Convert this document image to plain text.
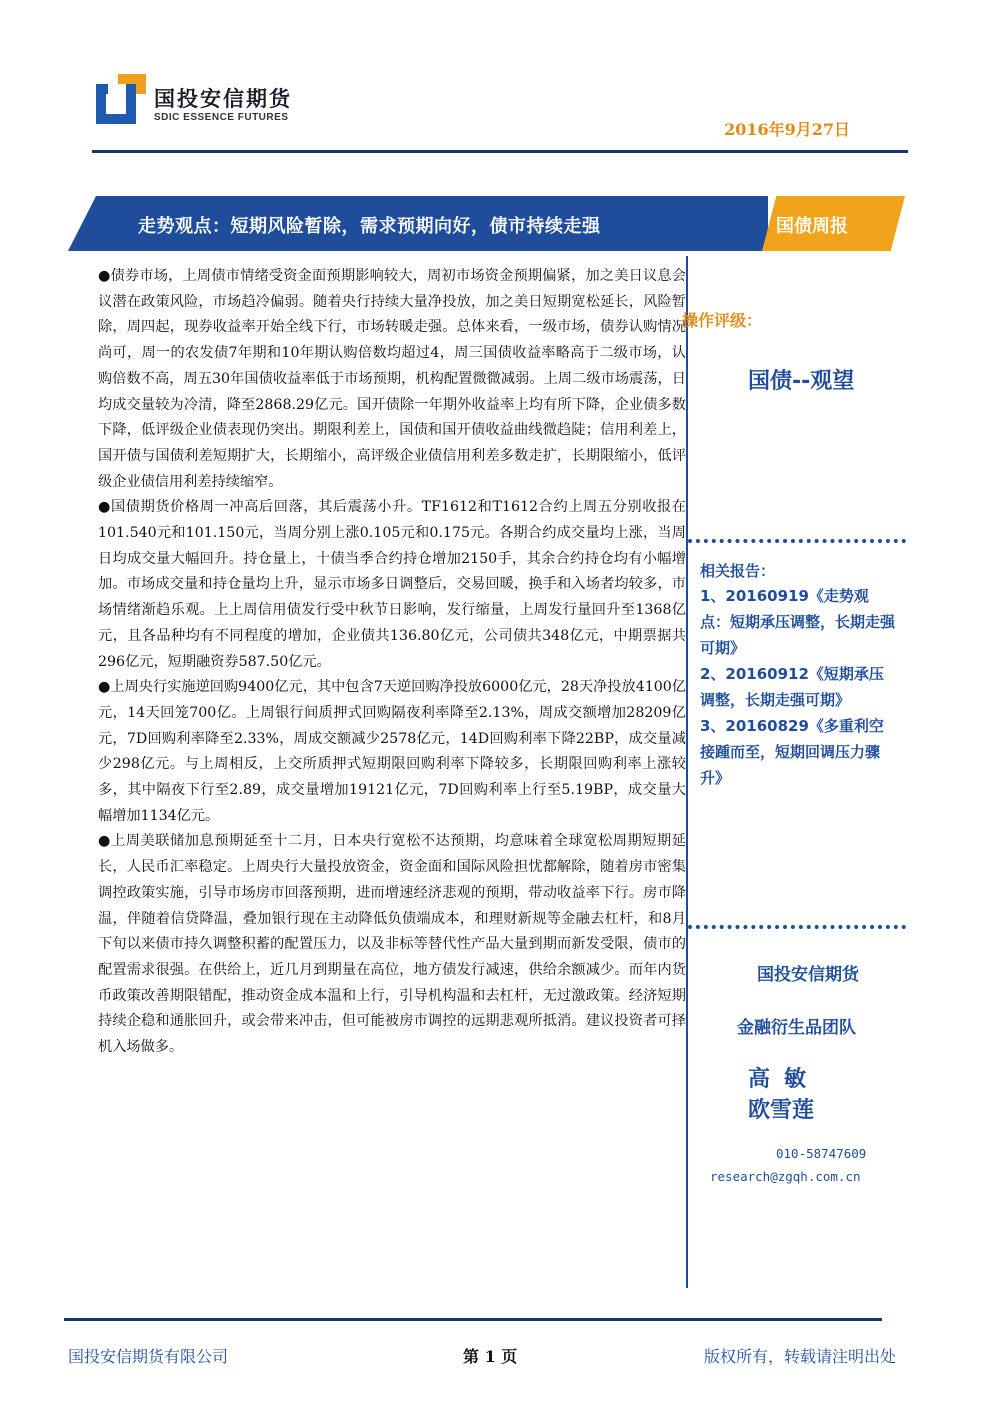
国投安信期货
SDIC ESSENCE FUTURES
2016年9月27日
走势观点：短期风险暂除，需求预期向好，债市持续走强	国债周报

●债券市场，上周债市情绪受资金面预期影响较大，周初市场资金预期偏紧，加之美日议息会议潜在政策风险，市场趋冷偏弱。随着央行持续大量净投放，加之美日短期宽松延长，风险暂除，周四起，现券收益率开始全线下行，市场转暖走强。总体来看，一级市场，债券认购情况尚可，周一的农发债7年期和10年期认购倍数均超过4，周三国债收益率略高于二级市场，认购倍数不高，周五30年国债收益率低于市场预期，机构配置微微减弱。上周二级市场震荡，日均成交量较为冷清，降至2868.29亿元。国开债除一年期外收益率上均有所下降，企业债多数下降，低评级企业债表现仍突出。期限利差上，国债和国开债收益曲线微趋陡；信用利差上，国开债与国债利差短期扩大，长期缩小，高评级企业债信用利差多数走扩，长期限缩小，低评级企业债信用利差持续缩窄。

●国债期货价格周一冲高后回落，其后震荡小升。TF1612和T1612合约上周五分别收报在101.540元和101.150元，当周分别上涨0.105元和0.175元。各期合约成交量均上涨，当周日均成交量大幅回升。持仓量上，十债当季合约持仓增加2150手，其余合约持仓均有小幅增加。市场成交量和持仓量均上升，显示市场多日调整后，交易回暖，换手和入场者均较多，市场情绪渐趋乐观。上上周信用债发行受中秋节日影响，发行缩量，上周发行量回升至1368亿元，且各品种均有不同程度的增加，企业债共136.80亿元，公司债共348亿元，中期票据共296亿元，短期融资券587.50亿元。

●上周央行实施逆回购9400亿元，其中包含7天逆回购净投放6000亿元，28天净投放4100亿元，14天回笼700亿。上周银行间质押式回购隔夜利率降至2.13%，周成交额增加28209亿元，7D回购利率降至2.33%，周成交额减少2578亿元，14D回购利率下降22BP，成交量减少298亿元。与上周相反，上交所质押式短期限回购利率下降较多，长期限回购利率上涨较多，其中隔夜下行至2.89，成交量增加19121亿元，7D回购利率上行至5.19BP，成交量大幅增加1134亿元。

●上周美联储加息预期延至十二月，日本央行宽松不达预期，均意味着全球宽松周期短期延长，人民币汇率稳定。上周央行大量投放资金，资金面和国际风险担忧都解除，随着房市密集调控政策实施，引导市场房市回落预期，进而增速经济悲观的预期，带动收益率下行。房市降温，伴随着信贷降温，叠加银行现在主动降低负债端成本，和理财新规等金融去杠杆，和8月下旬以来债市持久调整积蓄的配置压力，以及非标等替代性产品大量到期而新发受限，债市的配置需求很强。在供给上，近几月到期量在高位，地方债发行减速，供给余额减少。而年内货币政策改善期限错配，推动资金成本温和上行，引导机构温和去杠杆，无过激政策。经济短期持续企稳和通胀回升，或会带来冲击，但可能被房市调控的远期悲观所抵消。建议投资者可择机入场做多。

操作评级：
国债--观望
相关报告：
1、20160919《走势观点：短期承压调整，长期走强可期》
2、20160912《短期承压调整，长期走强可期》
3、20160829《多重利空接踵而至，短期回调压力骤升》
国投安信期货
金融衍生品团队
高敏
欧雪莲
010-58747609
research@zgqh.com.cn
国投安信期货有限公司	第 1 页	版权所有，转载请注明出处
